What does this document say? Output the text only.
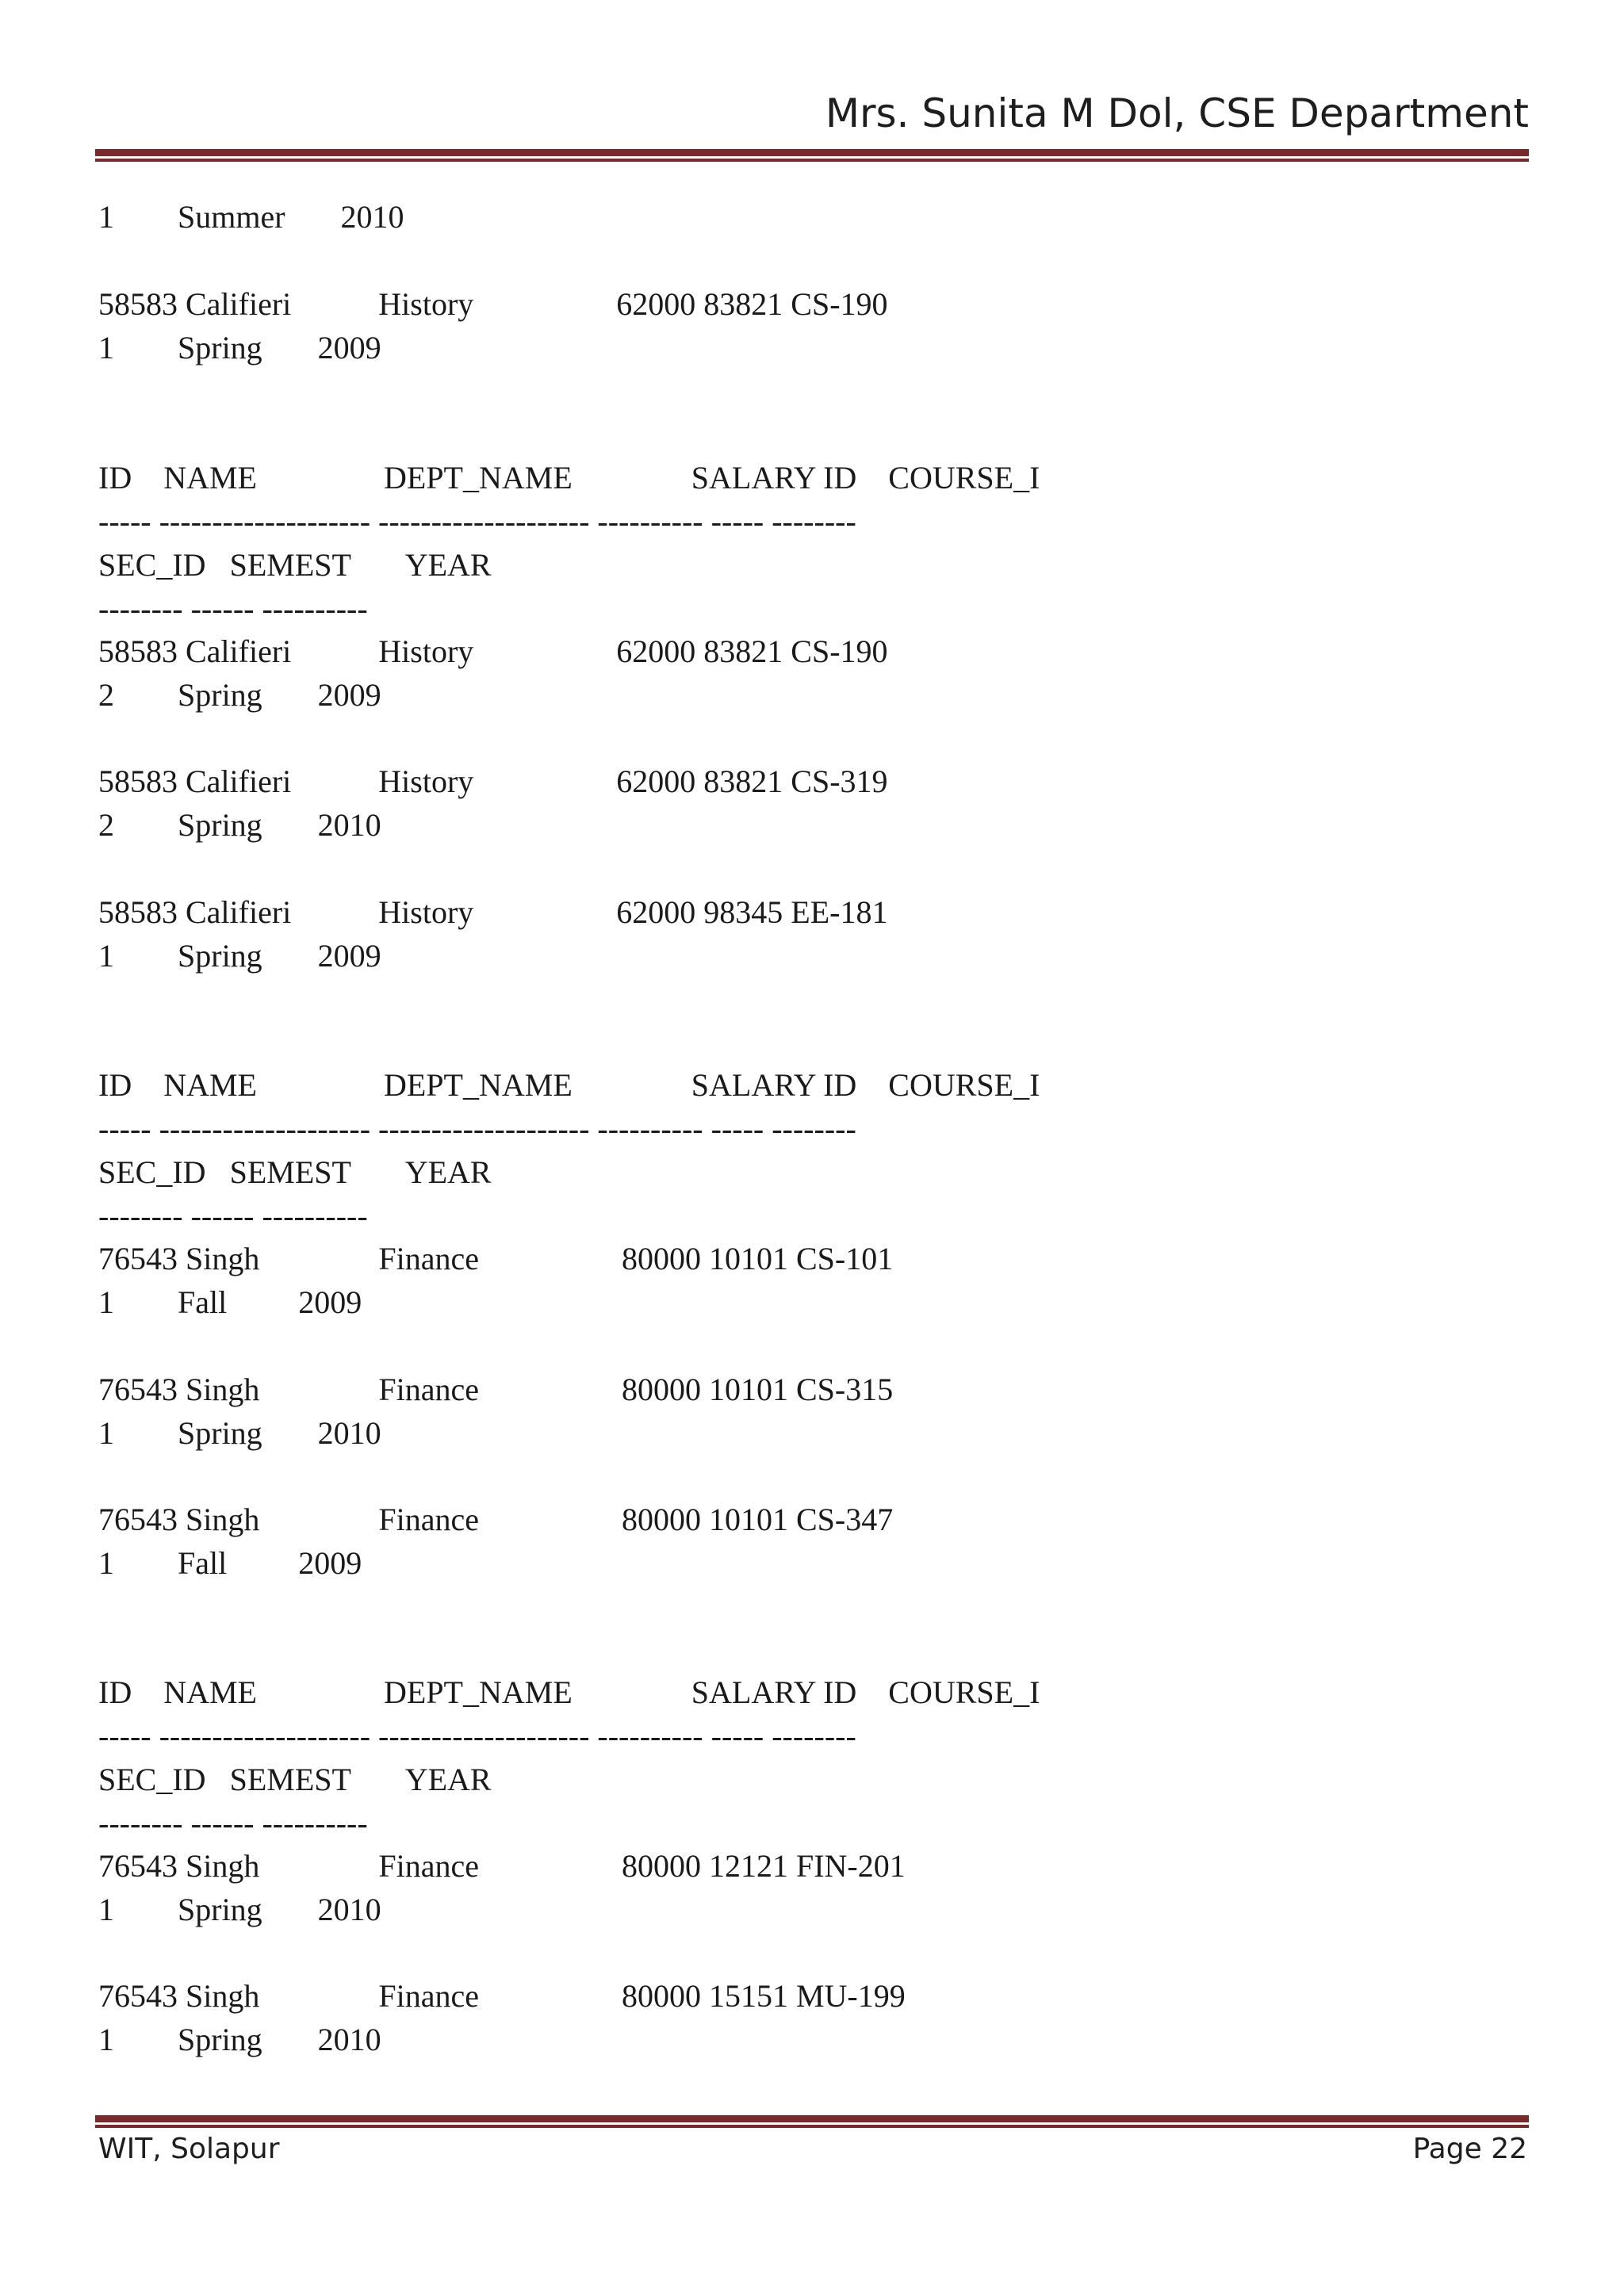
Mrs. Sunita M Dol, CSE Department
1        Summer       2010
58583 Califieri           History                  62000 83821 CS-190
1        Spring       2009
ID    NAME                DEPT_NAME               SALARY ID    COURSE_I
----- -------------------- -------------------- ---------- ----- --------
SEC_ID   SEMEST       YEAR
-------- ------ ----------
58583 Califieri           History                  62000 83821 CS-190
2        Spring       2009
58583 Califieri           History                  62000 83821 CS-319
2        Spring       2010
58583 Califieri           History                  62000 98345 EE-181
1        Spring       2009
ID    NAME                DEPT_NAME               SALARY ID    COURSE_I
----- -------------------- -------------------- ---------- ----- --------
SEC_ID   SEMEST       YEAR
-------- ------ ----------
76543 Singh               Finance                  80000 10101 CS-101
1        Fall         2009
76543 Singh               Finance                  80000 10101 CS-315
1        Spring       2010
76543 Singh               Finance                  80000 10101 CS-347
1        Fall         2009
ID    NAME                DEPT_NAME               SALARY ID    COURSE_I
----- -------------------- -------------------- ---------- ----- --------
SEC_ID   SEMEST       YEAR
-------- ------ ----------
76543 Singh               Finance                  80000 12121 FIN-201
1        Spring       2010
76543 Singh               Finance                  80000 15151 MU-199
1        Spring       2010
WIT, Solapur	Page 22
